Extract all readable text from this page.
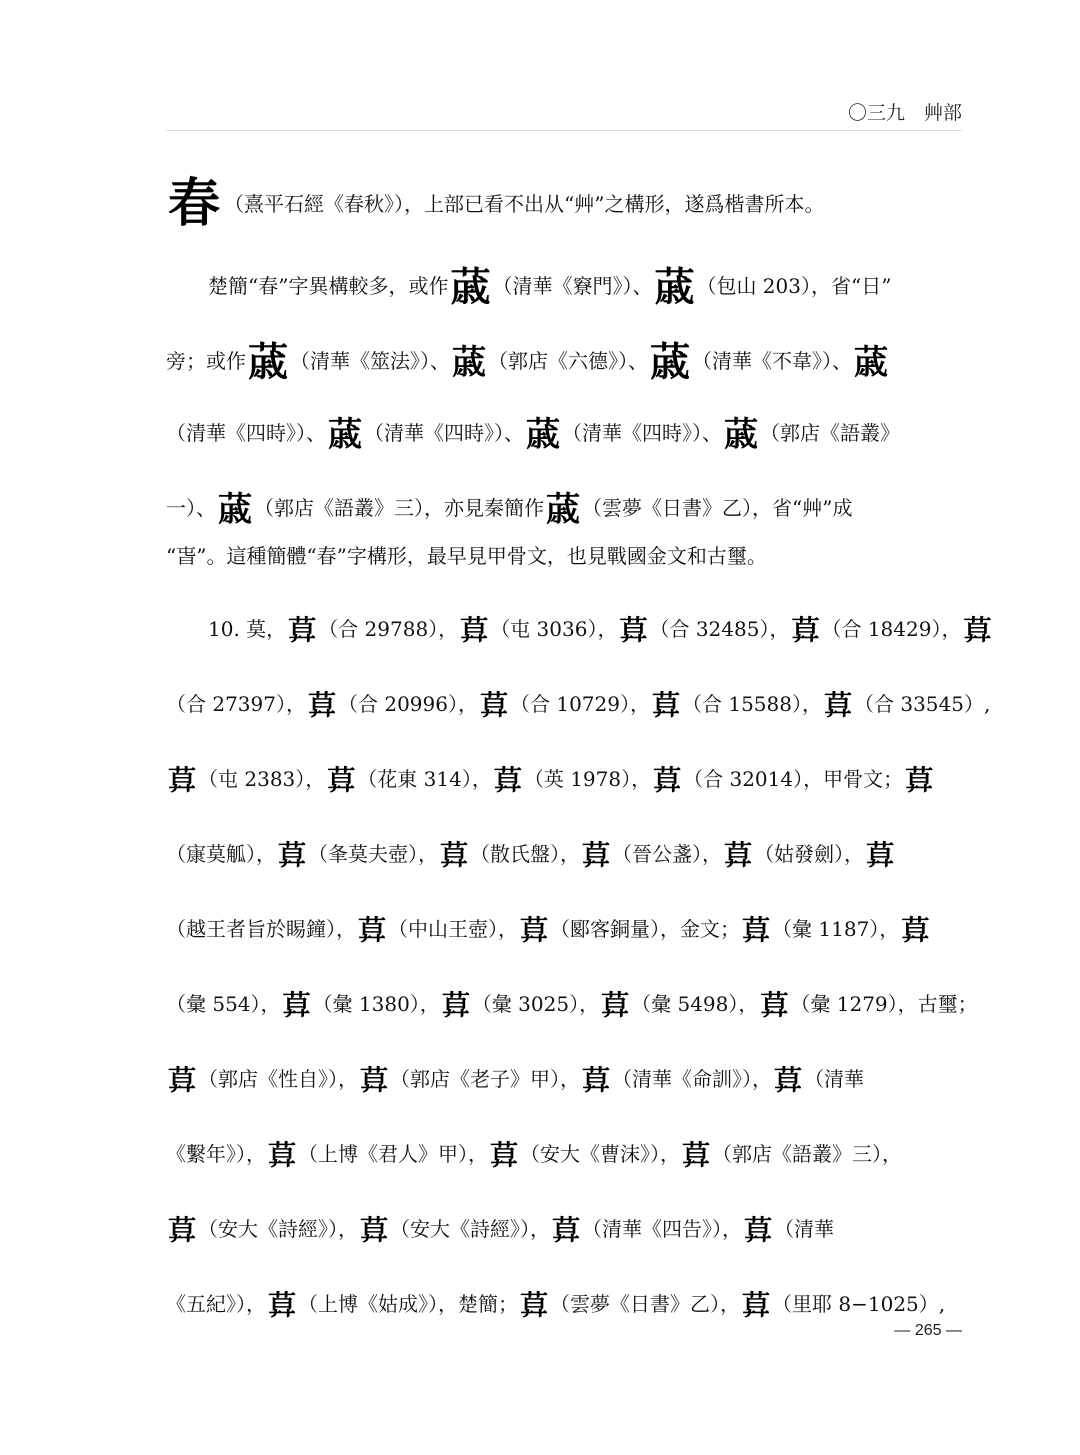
〇三九　艸部
春 （熹平石經《春秋》），上部已看不出从“艸”之構形，遂爲楷書所本。
楚簡“春”字異構較多，或作𦸗 （清華《竂門》）、𦸗 （包山 203），省“日”
旁；或作𦸗 （清華《筮法》）、𦸗 （郭店《六德》）、𦸗 （清華《不韋》）、𦸗
（清華《四時》）、𦸗 （清華《四時》）、𦸗 （清華《四時》）、𦸗 （郭店《語叢》
一）、𦸗 （郭店《語叢》三），亦見秦簡作𦸗 （雲夢《日書》乙），省“艸”成
“旾”。這種簡體“春”字構形，最早見甲骨文，也見戰國金文和古璽。
10. 莫，𦱤 （合 29788），𦱤 （屯 3036），𦱤 （合 32485），𦱤 （合 18429），𦱤
（合 27397），𦱤 （合 20996），𦱤 （合 10729），𦱤 （合 15588），𦱤 （合 33545）,
𦱤 （屯 2383），𦱤 （花東 314），𦱤 （英 1978），𦱤 （合 32014），甲骨文；𦱤
（㝩莫觚），𦱤 （夆莫夫壺），𦱤 （散氏盤），𦱤 （晉公盞），𦱤 （姑發劍），𦱤
（越王者旨於睗鐘），𦱤 （中山王壺），𦱤 （郾客銅量），金文；𦱤 （彙 1187），𦱤
（彙 554），𦱤 （彙 1380），𦱤 （彙 3025），𦱤 （彙 5498），𦱤 （彙 1279），古璽；
𦱤 （郭店《性自》），𦱤 （郭店《老子》甲），𦱤 （清華《命訓》），𦱤 （清華
《繫年》），𦱤 （上博《君人》甲），𦱤 （安大《曹沫》），𦱤 （郭店《語叢》三），
𦱤 （安大《詩經》），𦱤 （安大《詩經》），𦱤 （清華《四告》），𦱤 （清華
《五紀》），𦱤 （上博《姑成》），楚簡；𦱤 （雲夢《日書》乙），𦱤 （里耶 8−1025）,
— 265 —
